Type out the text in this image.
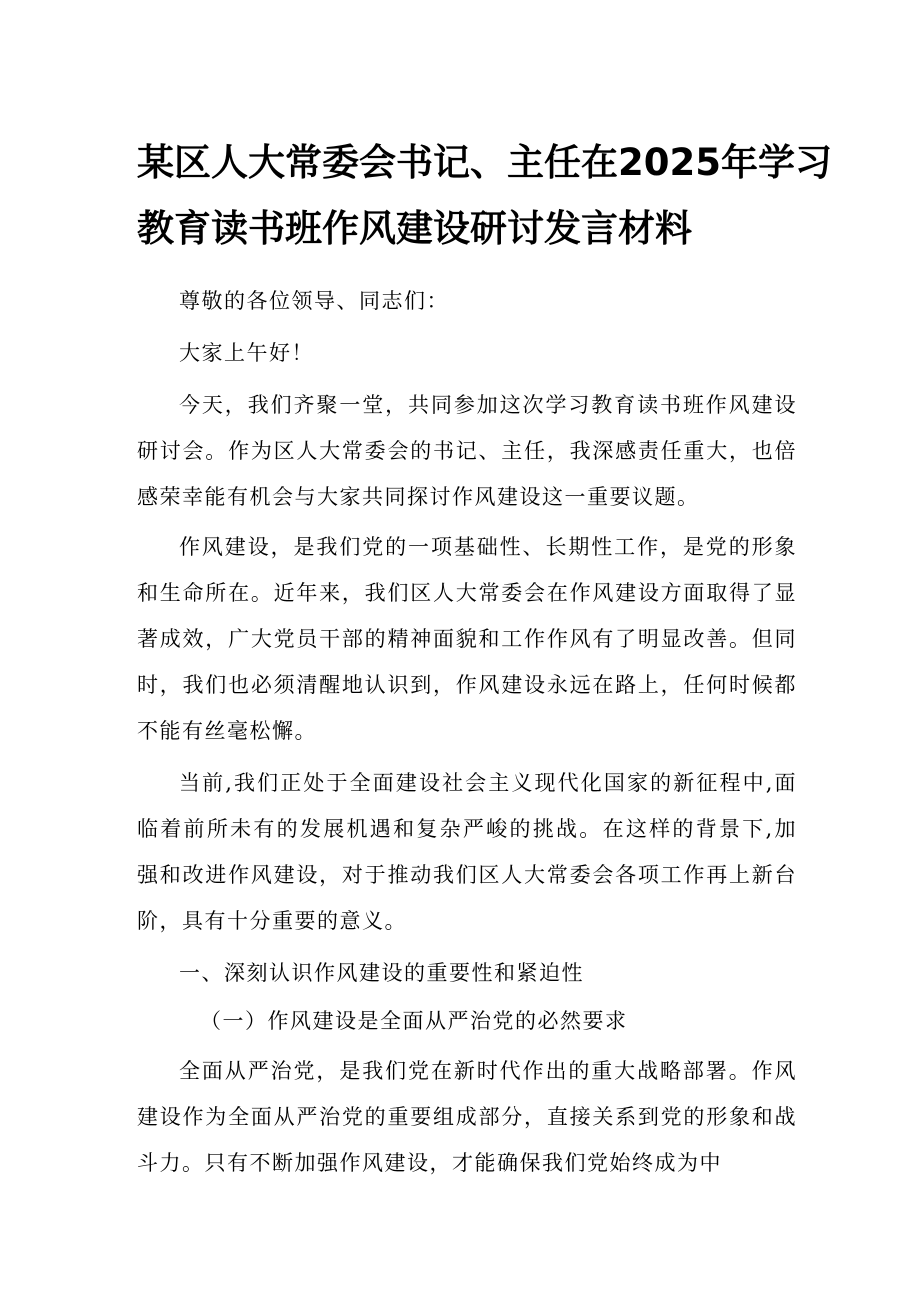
某区人大常委会书记、主任在2025年学习
教育读书班作风建设研讨发言材料

尊敬的各位领导、同志们：

大家上午好！

今天，我们齐聚一堂，共同参加这次学习教育读书班作风建设研讨会。作为区人大常委会的书记、主任，我深感责任重大，也倍感荣幸能有机会与大家共同探讨作风建设这一重要议题。

作风建设，是我们党的一项基础性、长期性工作，是党的形象和生命所在。近年来，我们区人大常委会在作风建设方面取得了显著成效，广大党员干部的精神面貌和工作作风有了明显改善。但同时，我们也必须清醒地认识到，作风建设永远在路上，任何时候都不能有丝毫松懈。

当前,我们正处于全面建设社会主义现代化国家的新征程中,面临着前所未有的发展机遇和复杂严峻的挑战。在这样的背景下,加强和改进作风建设，对于推动我们区人大常委会各项工作再上新台阶，具有十分重要的意义。

一、深刻认识作风建设的重要性和紧迫性

（一）作风建设是全面从严治党的必然要求

全面从严治党，是我们党在新时代作出的重大战略部署。作风建设作为全面从严治党的重要组成部分，直接关系到党的形象和战斗力。只有不断加强作风建设，才能确保我们党始终成为中
